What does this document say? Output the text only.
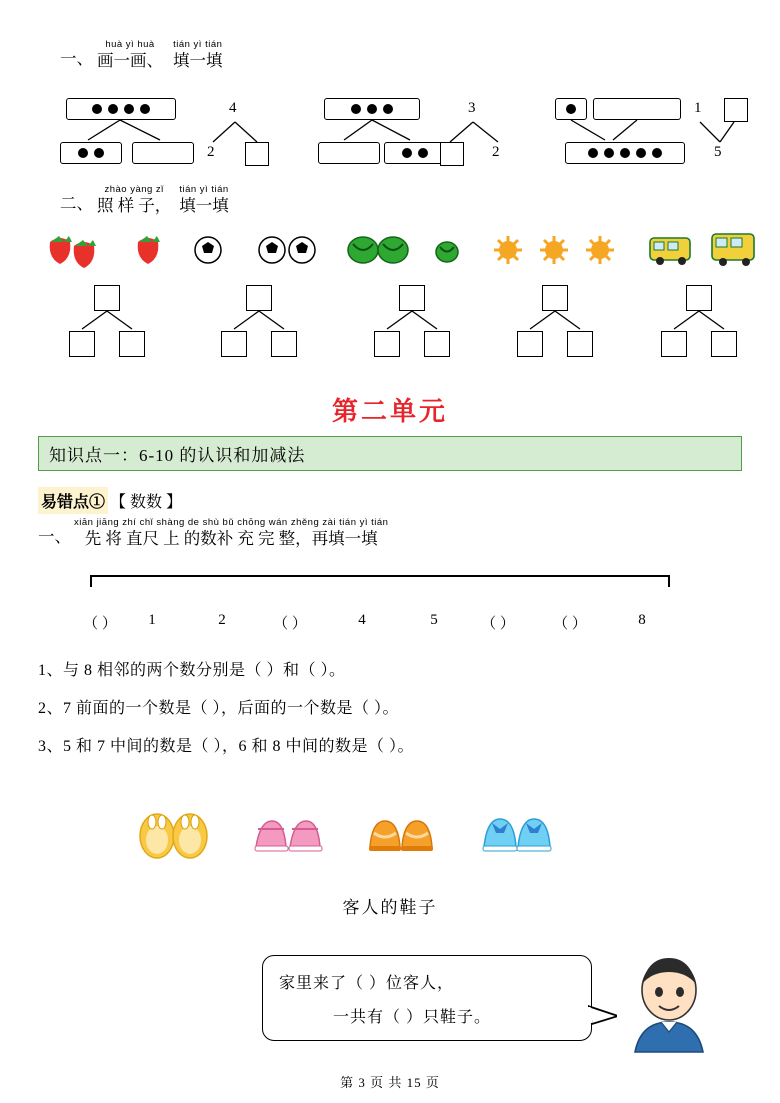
一、
huà yì huà
画一画、
tián yì tián
填一填
4
2
3
2
1
5
二、
zhào yàng zǐ
照 样 子，
tián yì tián
填一填
第二单元
知识点一：6-10 的认识和加减法
易错点① 【 数数 】
一、
xiān jiāng zhí chǐ shàng de shù bǔ chōng wán zhěng zài tián yì tián
先 将 直尺 上 的数补 充 完 整，再填一填
（ ）	1	2	（ ）	4	5	（ ）	（ ）	8
1、与 8 相邻的两个数分别是（ ）和（ ）。
2、7 前面的一个数是（ ），后面的一个数是（ ）。
3、5 和 7 中间的数是（ ），6 和 8 中间的数是（ ）。
客人的鞋子
家里来了（ ）位客人，
一共有（ ）只鞋子。
第 3 页 共 15 页
